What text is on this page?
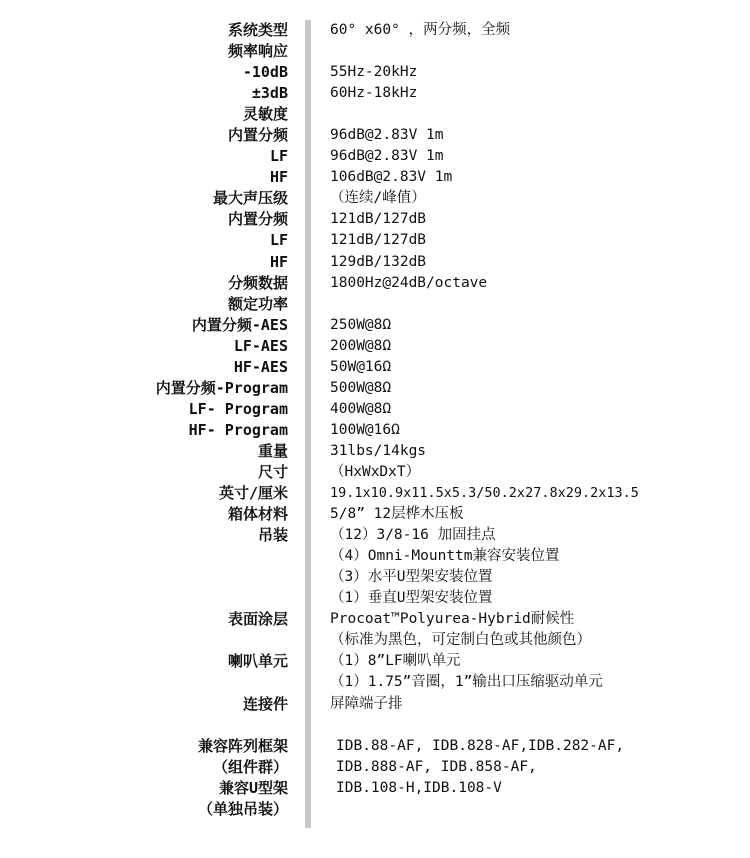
系统类型	60° x60° ，两分频，全频
频率响应
-10dB	55Hz-20kHz
±3dB	60Hz-18kHz
灵敏度
内置分频	96dB@2.83V 1m
LF	96dB@2.83V 1m
HF	106dB@2.83V 1m
最大声压级	（连续/峰值）
内置分频	121dB/127dB
LF	121dB/127dB
HF	129dB/132dB
分频数据	1800Hz@24dB/octave
额定功率
内置分频-AES	250W@8Ω
LF-AES	200W@8Ω
HF-AES	50W@16Ω
内置分频-Program	500W@8Ω
LF- Program	400W@8Ω
HF- Program	100W@16Ω
重量	31lbs/14kgs
尺寸	（HxWxDxT）
英寸/厘米	19.1x10.9x11.5x5.3/50.2x27.8x29.2x13.5
箱体材料	5/8” 12层桦木压板
吊装	（12）3/8-16 加固挂点
（4）Omni-Mounttm兼容安装位置
（3）水平U型架安装位置
（1）垂直U型架安装位置
表面涂层	Procoat™Polyurea-Hybrid耐候性
（标准为黑色，可定制白色或其他颜色）
喇叭单元	（1）8”LF喇叭单元
（1）1.75”音圈，1”输出口压缩驱动单元
连接件	屏障端子排
兼容阵列框架	IDB.88-AF, IDB.828-AF,IDB.282-AF,
（组件群）	IDB.888-AF, IDB.858-AF,
兼容U型架	IDB.108-H,IDB.108-V
（单独吊装）
